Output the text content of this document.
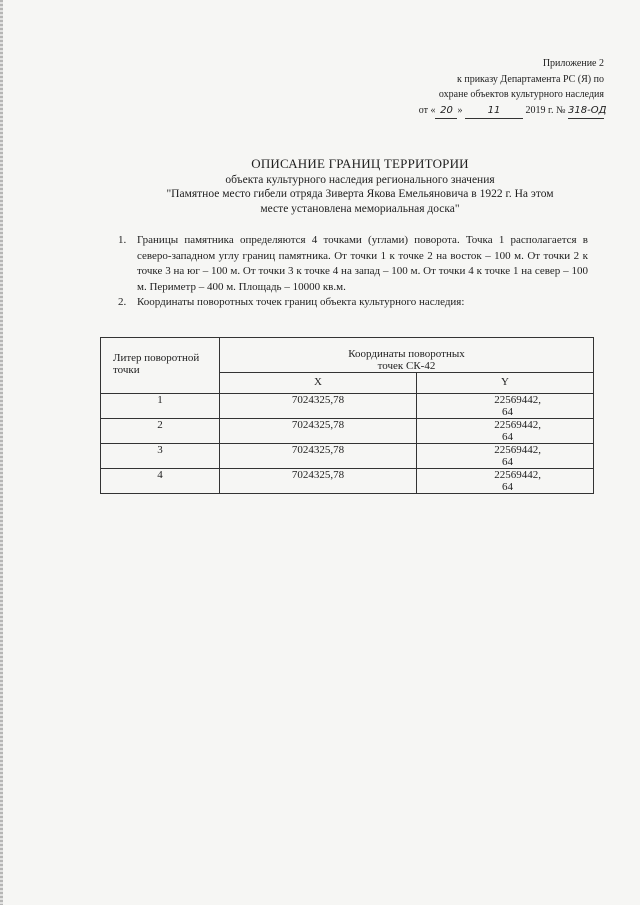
Приложение 2
к приказу Департамента РС (Я) по
охране объектов культурного наследия
от « 20 »	11	2019 г. № 318-ОД
ОПИСАНИЕ ГРАНИЦ ТЕРРИТОРИИ
объекта культурного наследия регионального значения
"Памятное место гибели отряда Зиверта Якова Емельяновича в 1922 г. На этом
месте установлена мемориальная доска"
1. Границы памятника определяются 4 точками (углами) поворота. Точка 1 располагается в северо-западном углу границ памятника. От точки 1 к точке 2 на восток – 100 м. От точки 2 к точке 3 на юг – 100 м. От точки 3 к точке 4 на запад – 100 м. От точки 4 к точке 1 на север – 100 м. Периметр – 400 м. Площадь – 10000 кв.м.
2. Координаты поворотных точек границ объекта культурного наследия:
Литер поворотной точки	Координаты поворотных
точек СК-42	

	X	Y
1	7024325,78	22569442,
64

2	7024325,78	22569442,
64

3	7024325,78	22569442,
64

4	7024325,78	22569442,
64
